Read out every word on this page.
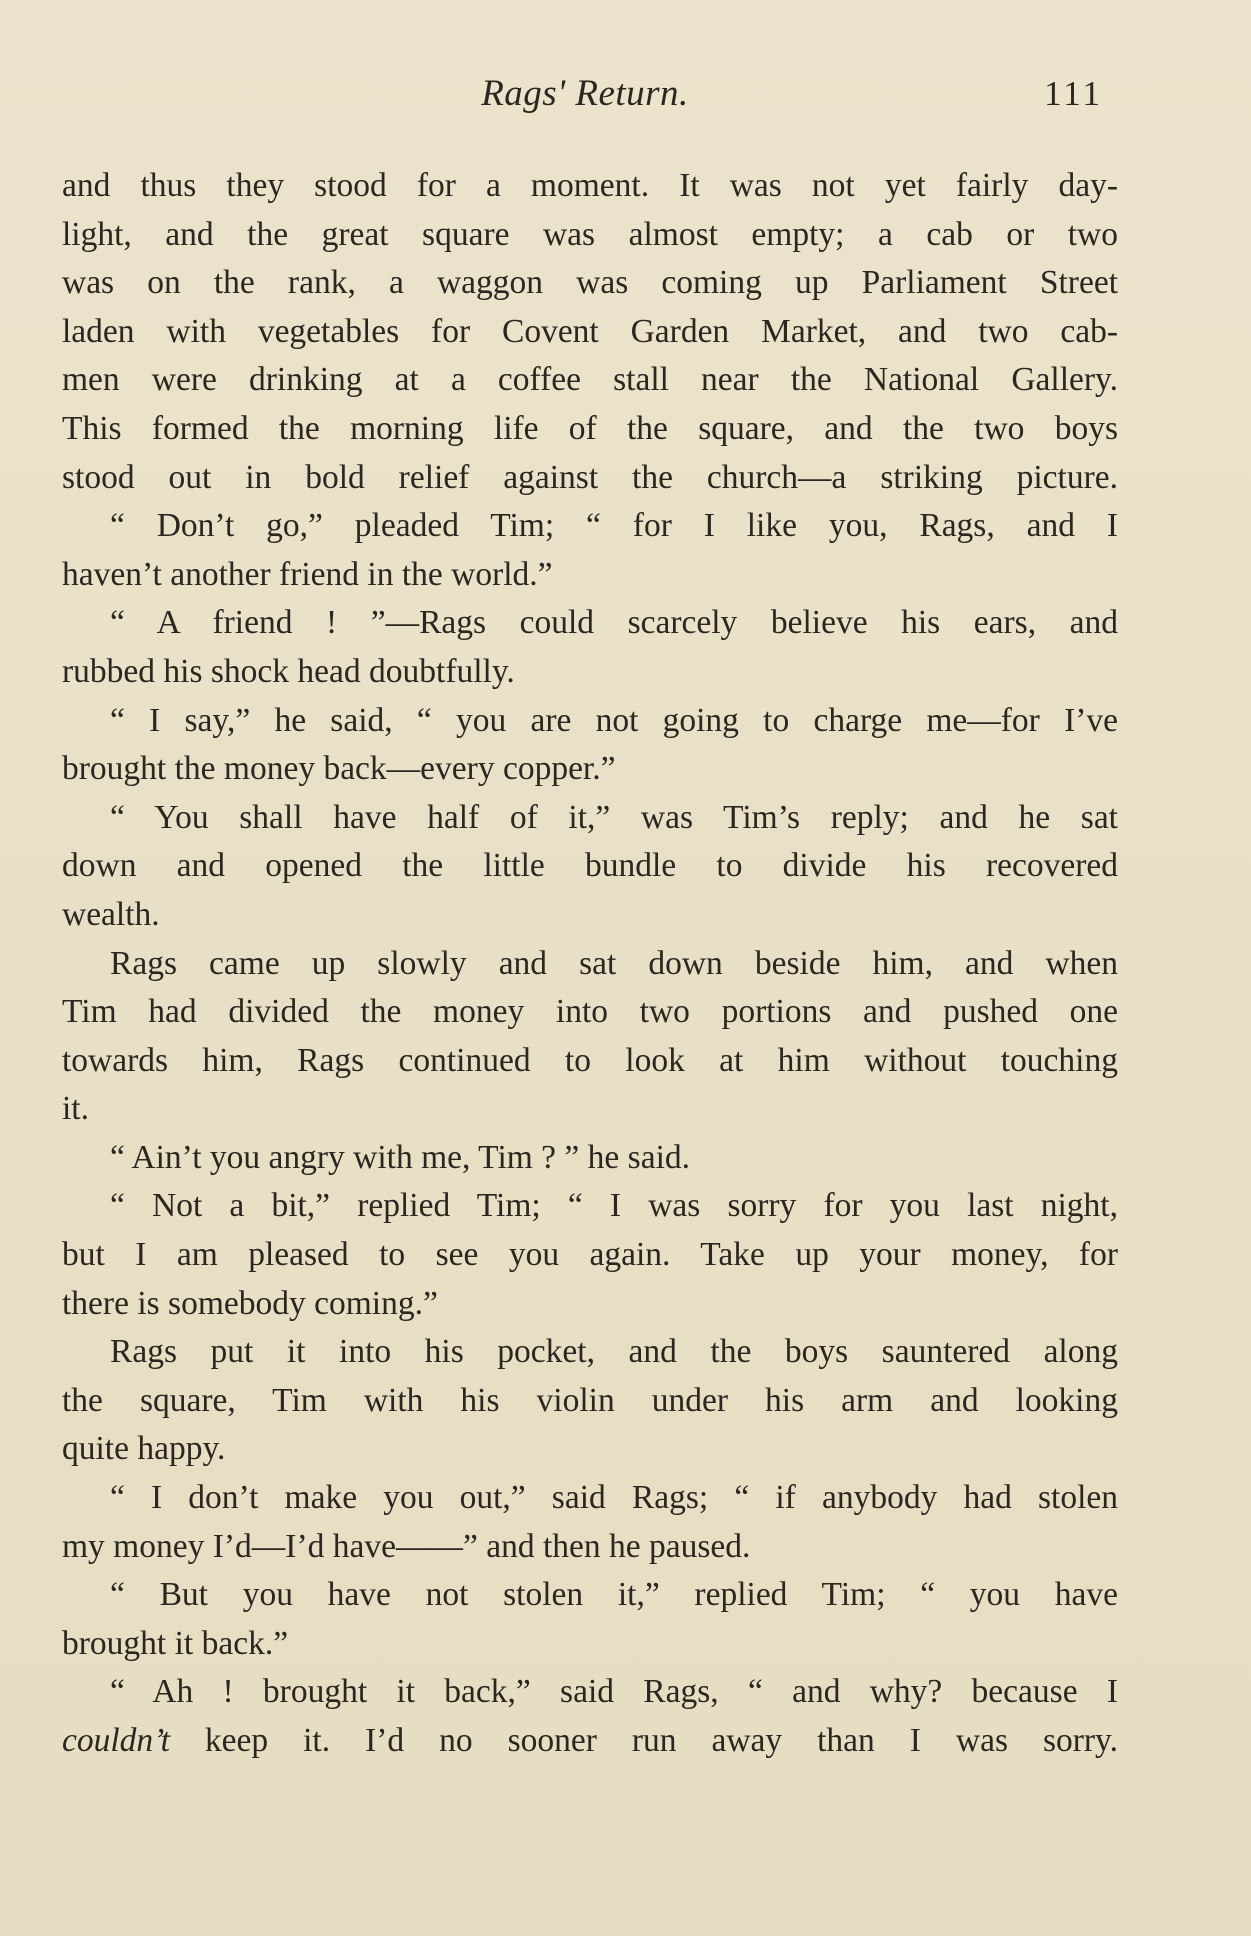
Rags' Return.	111
and thus they stood for a moment. It was not yet fairly day-
light, and the great square was almost empty; a cab or two
was on the rank, a waggon was coming up Parliament Street
laden with vegetables for Covent Garden Market, and two cab-
men were drinking at a coffee stall near the National Gallery.
This formed the morning life of the square, and the two boys
stood out in bold relief against the church—a striking picture.
“ Don’t go,” pleaded Tim; “ for I like you, Rags, and I
haven’t another friend in the world.”
“ A friend ! ”—Rags could scarcely believe his ears, and
rubbed his shock head doubtfully.
“ I say,” he said, “ you are not going to charge me—for I’ve
brought the money back—every copper.”
“ You shall have half of it,” was Tim’s reply; and he sat
down and opened the little bundle to divide his recovered
wealth.
Rags came up slowly and sat down beside him, and when
Tim had divided the money into two portions and pushed one
towards him, Rags continued to look at him without touching
it.
“ Ain’t you angry with me, Tim ? ” he said.
“ Not a bit,” replied Tim; “ I was sorry for you last night,
but I am pleased to see you again. Take up your money, for
there is somebody coming.”
Rags put it into his pocket, and the boys sauntered along
the square, Tim with his violin under his arm and looking
quite happy.
“ I don’t make you out,” said Rags; “ if anybody had stolen
my money I’d—I’d have——” and then he paused.
“ But you have not stolen it,” replied Tim; “ you have
brought it back.”
“ Ah ! brought it back,” said Rags, “ and why? because I
couldn’t keep it. I’d no sooner run away than I was sorry.
